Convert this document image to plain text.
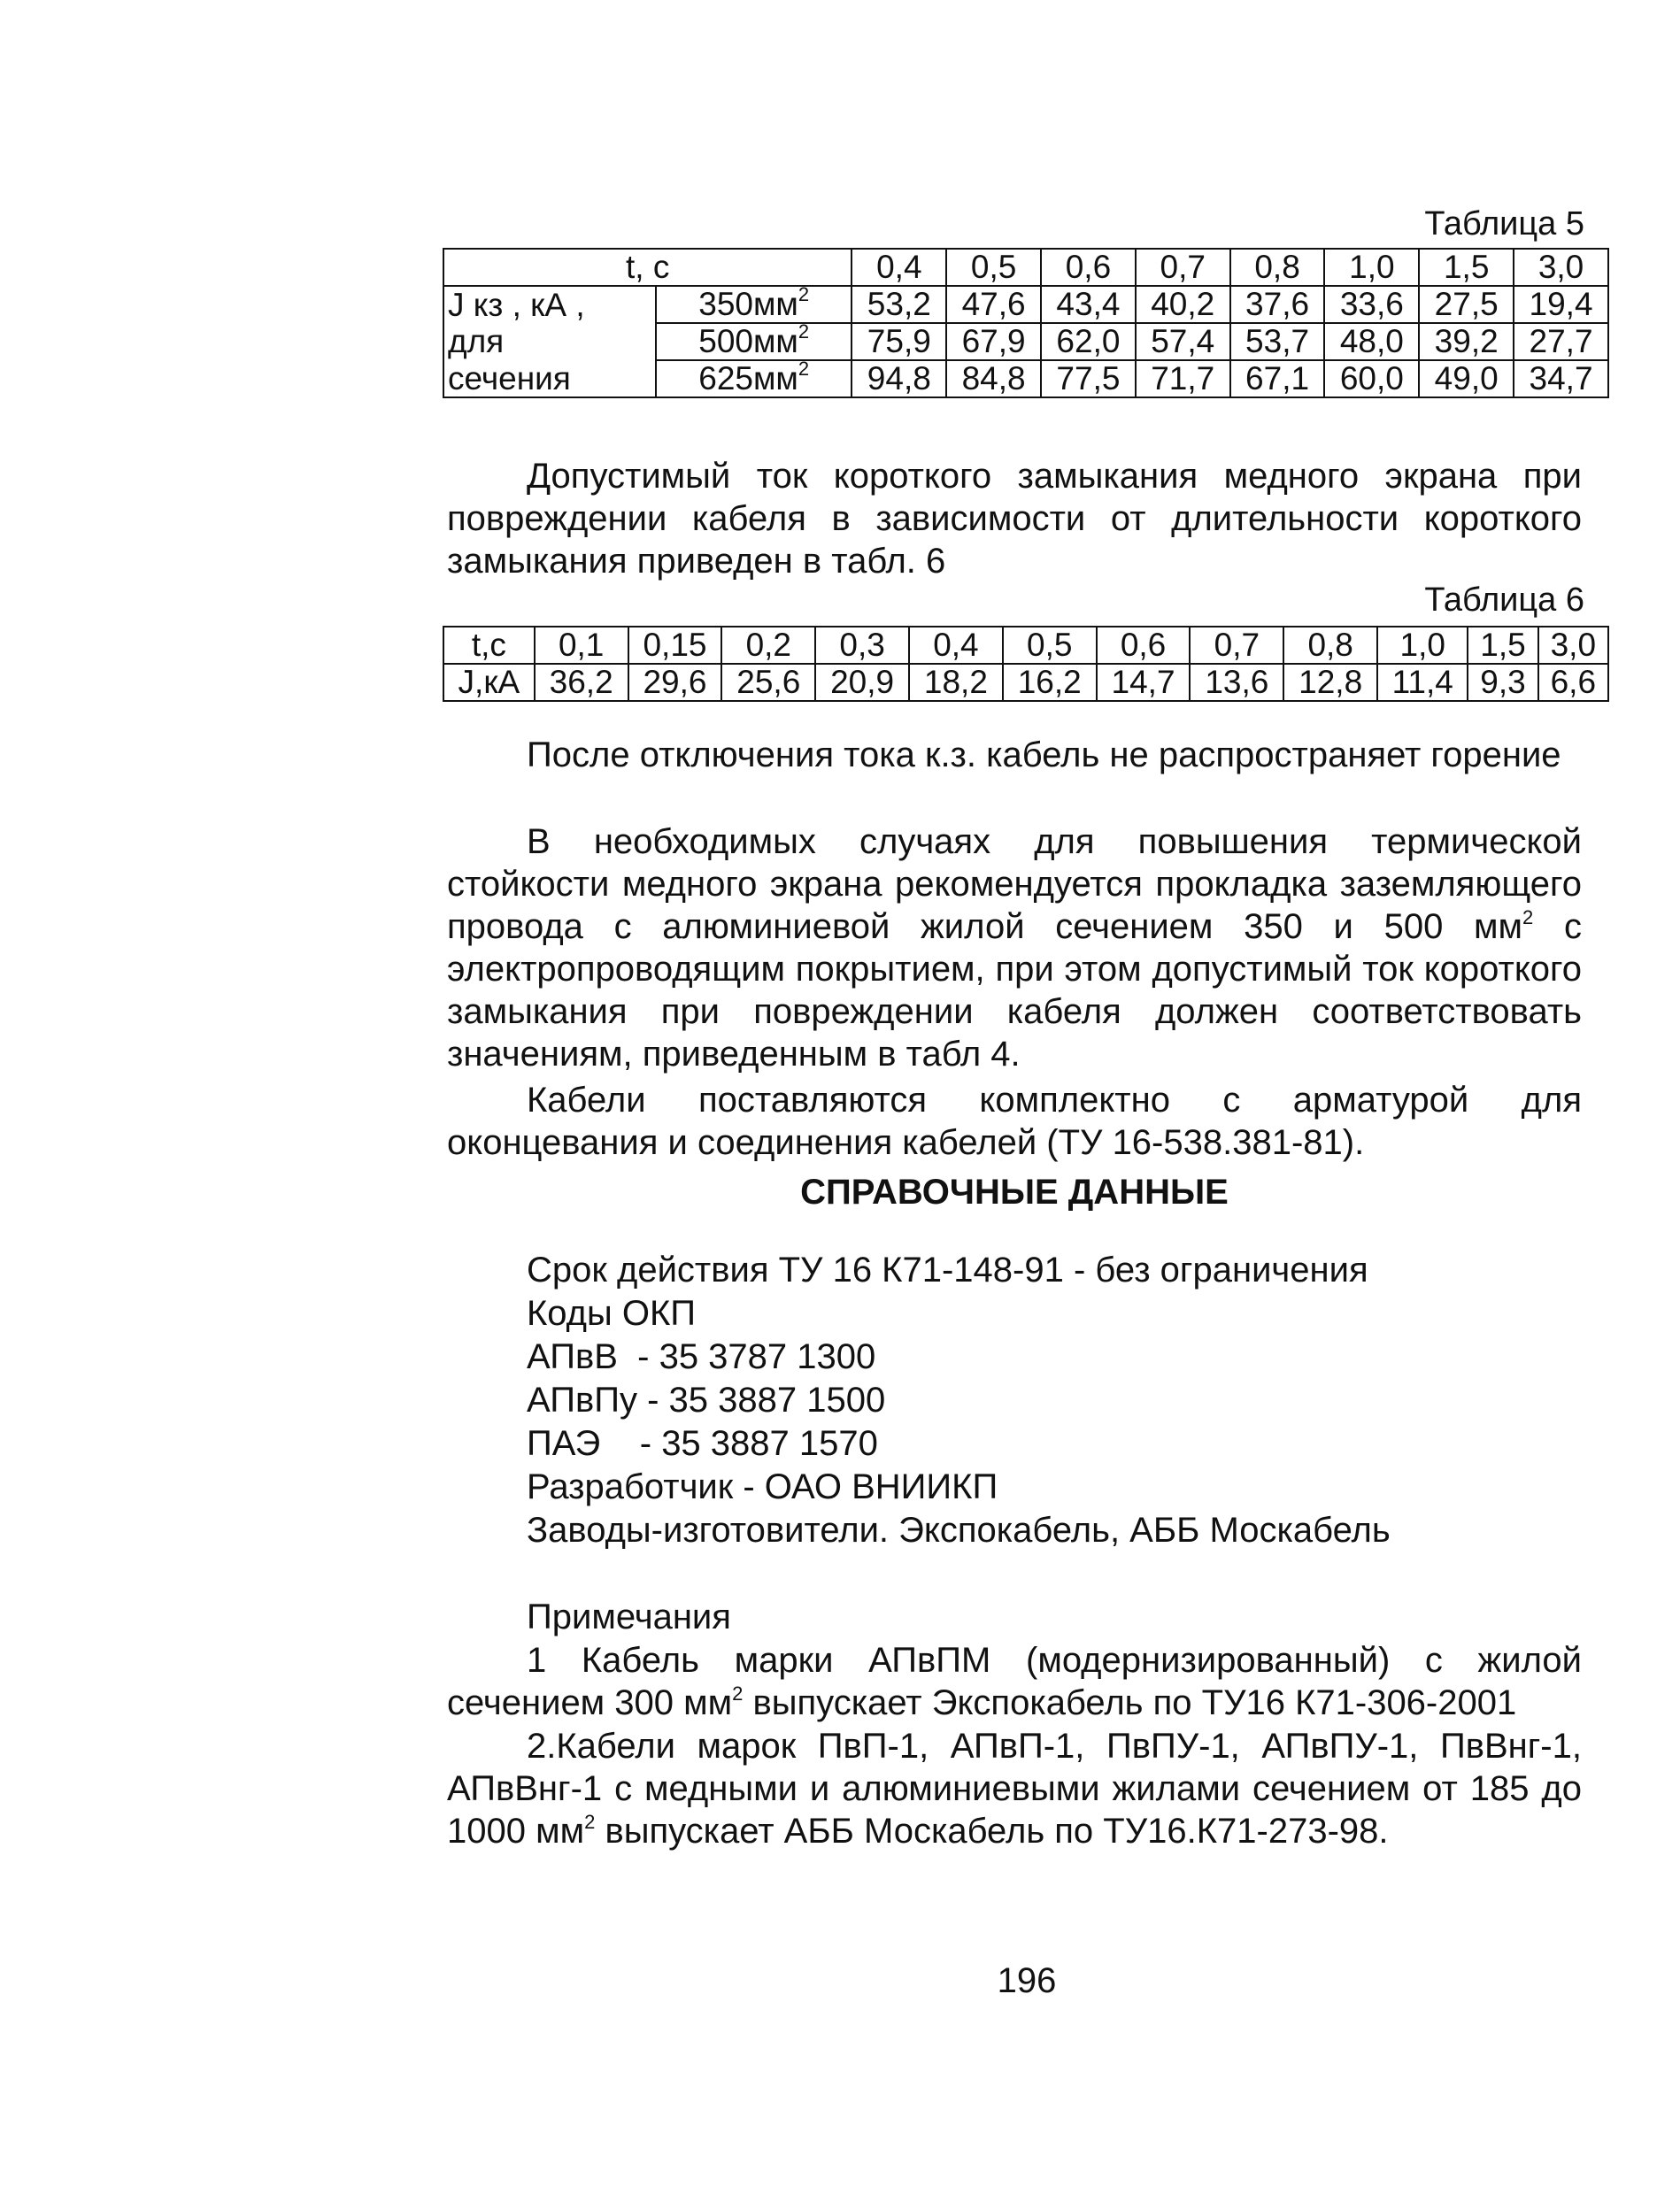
Таблица 5
t, c		0,4	0,5	0,6	0,7	0,8	1,0	1,5	3,0
J кз , кА ,	$350мм^2$	53,2	47,6	43,4	40,2	37,6	33,6	27,5	19,4
для	$500мм^2$	75,9	67,9	62,0	57,4	53,7	48,0	39,2	27,7
сечения	$625мм^2$	94,8	84,8	77,5	71,7	67,1	60,0	49,0	34,7
Допустимый ток короткого замыкания медного экрана при повреждении кабеля в зависимости от длительности короткого замыкания приведен в табл. 6
Таблица 6
t,c	0,1	0,15	0,2	0,3	0,4	0,5	0,6	0,7	0,8	1,0	1,5	3,0
J,кА	36,2	29,6	25,6	20,9	18,2	16,2	14,7	13,6	12,8	11,4	9,3	6,6
После отключения тока к.з. кабель не распространяет горение
В необходимых случаях для повышения термической стойкости медного экрана рекомендуется прокладка заземляющего провода с алюминиевой жилой сечением 350 и 500 $мм^2$ с электропроводящим покрытием, при этом допустимый ток короткого замыкания при повреждении кабеля должен соответствовать значениям, приведенным в табл 4.
Кабели поставляются комплектно с арматурой для оконцевания и соединения кабелей (ТУ 16-538.381-81).
СПРАВОЧНЫЕ ДАННЫЕ
Срок действия ТУ 16 К71-148-91 - без ограничения
Коды ОКП
АПвВ  - 35 3787 1300
АПвПу - 35 3887 1500
ПАЭ    - 35 3887 1570
Разработчик - ОАО ВНИИКП
Заводы-изготовители. Экспокабель, АББ Москабель
Примечания
1 Кабель марки АПвПМ (модернизированный) с жилой сечением 300 $мм^2$ выпускает Экспокабель по ТУ16 К71-306-2001
2.Кабели марок ПвП-1, АПвП-1, ПвПУ-1, АПвПУ-1, ПвВнг-1, АПвВнг-1 с медными и алюминиевыми жилами сечением от 185 до 1000 $мм^2$ выпускает АББ Москабель по ТУ16.К71-273-98.
196
